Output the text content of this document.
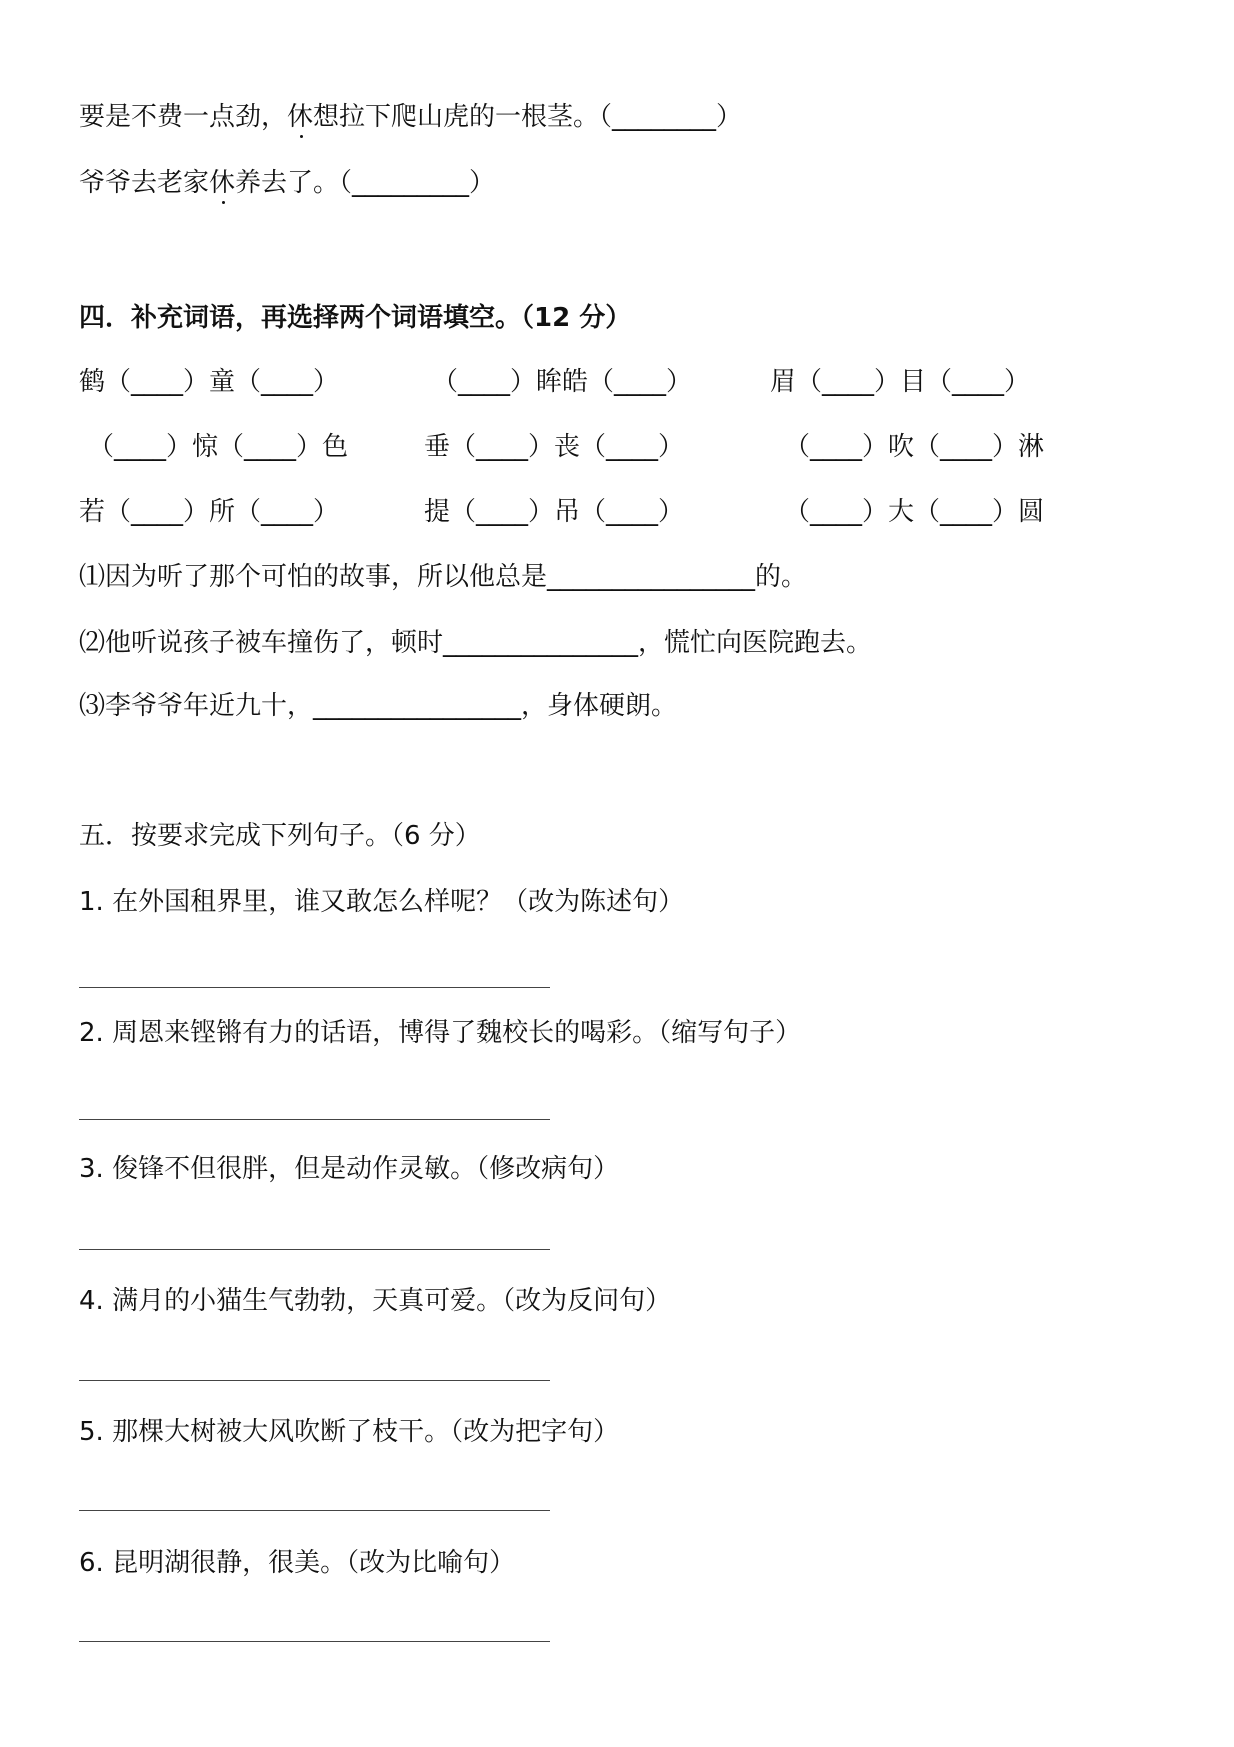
要是不费一点劲，休想拉下爬山虎的一根茎。（________）
爷爷去老家休养去了。（_________）
四．补充词语，再选择两个词语填空。（12 分）
鹤（____）童（____）	（____）眸皓（____）	眉（____）目（____）
（____）惊（____）色	垂（____）丧（____）	（____）吹（____）淋
若（____）所（____）	提（____）吊（____）	（____）大（____）圆
⑴因为听了那个可怕的故事，所以他总是________________的。
⑵他听说孩子被车撞伤了，顿时_______________，慌忙向医院跑去。
⑶李爷爷年近九十，________________，身体硬朗。
五．按要求完成下列句子。（6 分）
1. 在外国租界里，谁又敢怎么样呢？（改为陈述句）
2. 周恩来铿锵有力的话语，博得了魏校长的喝彩。（缩写句子）
3. 俊锋不但很胖，但是动作灵敏。（修改病句）
4. 满月的小猫生气勃勃，天真可爱。（改为反问句）
5. 那棵大树被大风吹断了枝干。（改为把字句）
6. 昆明湖很静，很美。（改为比喻句）
